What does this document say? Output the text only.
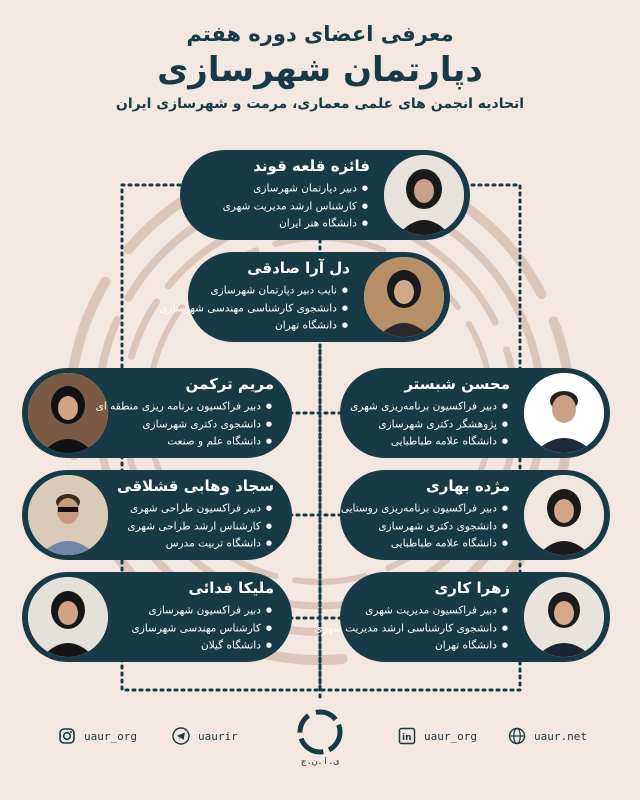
معرفی اعضای دوره هفتم
دپارتمان شهرسازی
اتحادیه انجمن های علمی معماری، مرمت و شهرسازی ایران
فائزه قلعه قوند
● دبیر دپارتمان شهرسازی
● کارشناس ارشد مدیریت شهری
● دانشگاه هنر ایران
دل آرا صادقی
● نایب دبیر دپارتمان شهرسازی
● دانشجوی کارشناسی مهندسی شهرسازی
● دانشگاه تهران
مریم ترکمن
● دبیر فراکسیون برنامه ریزی منطقه ای
● دانشجوی دکتری شهرسازی
● دانشگاه علم و صنعت
محسن شبستر
● دبیر فراکسیون برنامه‌ریزی شهری
● پژوهشگر دکتری شهرسازی
● دانشگاه علامه طباطبایی
سجاد وهابی قشلاقی
● دبیر فراکسیون طراحی شهری
● کارشناس ارشد طراحی شهری
● دانشگاه تربیت مدرس
مژده بهاری
● دبیر فراکسیون برنامه‌ریزی روستایی
● دانشجوی دکتری شهرسازی
● دانشگاه علامه طباطبایی
ملیکا فدائی
● دبیر فراکسیون شهرسازی
● کارشناس مهندسی شهرسازی
● دانشگاه گیلان
زهرا کاری
● دبیر فراکسیون مدیریت شهری
● دانشجوی کارشناسی ارشد مدیریت شهری
● دانشگاه تهران
uaur_org	uaurir	in uaur_org	uaur.net
ی.ا.ن.ج
